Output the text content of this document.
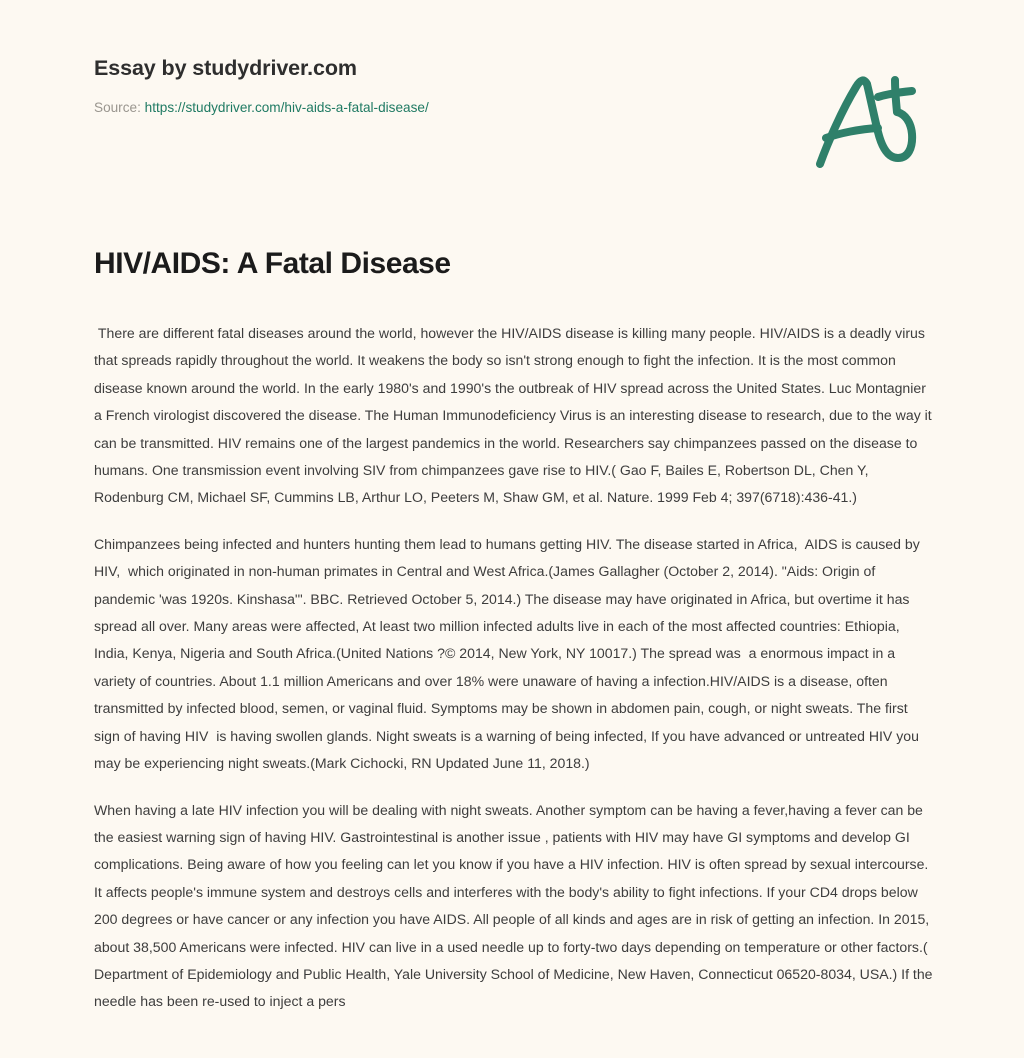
Essay by studydriver.com
Source: https://studydriver.com/hiv-aids-a-fatal-disease/
HIV/AIDS: A Fatal Disease

There are different fatal diseases around the world, however the HIV/AIDS disease is killing many people. HIV/AIDS is a deadly virus that spreads rapidly throughout the world. It weakens the body so isn't strong enough to fight the infection. It is the most common disease known around the world. In the early 1980's and 1990's the outbreak of HIV spread across the United States. Luc Montagnier a French virologist discovered the disease. The Human Immunodeficiency Virus is an interesting disease to research, due to the way it can be transmitted. HIV remains one of the largest pandemics in the world. Researchers say chimpanzees passed on the disease to humans. One transmission event involving SIV from chimpanzees gave rise to HIV.( Gao F, Bailes E, Robertson DL, Chen Y, Rodenburg CM, Michael SF, Cummins LB, Arthur LO, Peeters M, Shaw GM, et al. Nature. 1999 Feb 4; 397(6718):436-41.)

Chimpanzees being infected and hunters hunting them lead to humans getting HIV. The disease started in Africa,  AIDS is caused by HIV,  which originated in non-human primates in Central and West Africa.(James Gallagher (October 2, 2014). "Aids: Origin of pandemic 'was 1920s. Kinshasa'". BBC. Retrieved October 5, 2014.) The disease may have originated in Africa, but overtime it has spread all over. Many areas were affected, At least two million infected adults live in each of the most affected countries: Ethiopia, India, Kenya, Nigeria and South Africa.(United Nations ?© 2014, New York, NY 10017.) The spread was  a enormous impact in a variety of countries. About 1.1 million Americans and over 18% were unaware of having a infection.HIV/AIDS is a disease, often transmitted by infected blood, semen, or vaginal fluid. Symptoms may be shown in abdomen pain, cough, or night sweats. The first sign of having HIV  is having swollen glands. Night sweats is a warning of being infected, If you have advanced or untreated HIV you may be experiencing night sweats.(Mark Cichocki, RN Updated June 11, 2018.)

When having a late HIV infection you will be dealing with night sweats. Another symptom can be having a fever,having a fever can be the easiest warning sign of having HIV. Gastrointestinal is another issue , patients with HIV may have GI symptoms and develop GI complications. Being aware of how you feeling can let you know if you have a HIV infection. HIV is often spread by sexual intercourse. It affects people's immune system and destroys cells and interferes with the body's ability to fight infections. If your CD4 drops below 200 degrees or have cancer or any infection you have AIDS. All people of all kinds and ages are in risk of getting an infection. In 2015, about 38,500 Americans were infected. HIV can live in a used needle up to forty-two days depending on temperature or other factors.( Department of Epidemiology and Public Health, Yale University School of Medicine, New Haven, Connecticut 06520-8034, USA.) If the needle has been re-used to inject a pers
